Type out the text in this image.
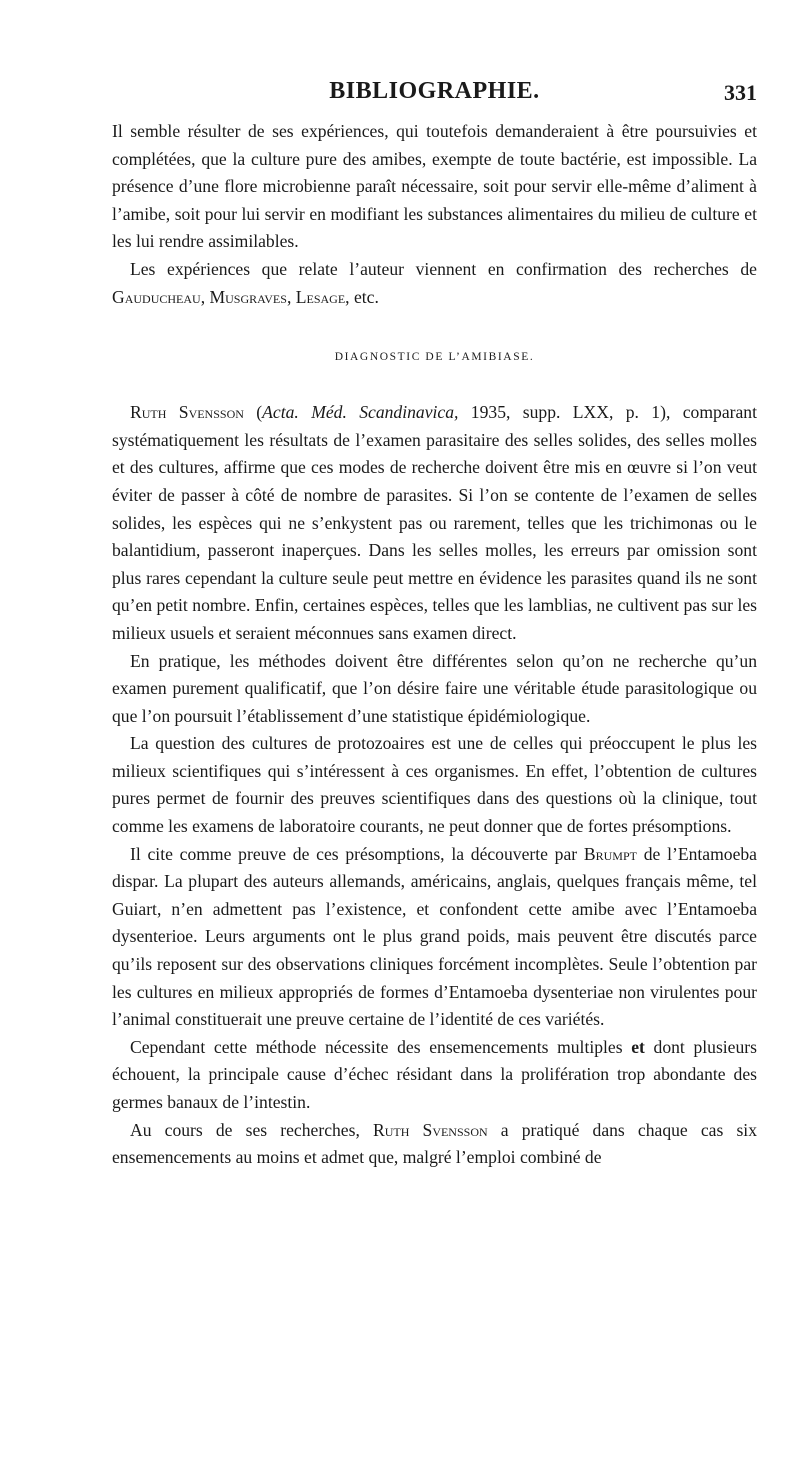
BIBLIOGRAPHIE.	331

Il semble résulter de ses expériences, qui toutefois demanderaient à être poursuivies et complétées, que la culture pure des amibes, exempte de toute bactérie, est impossible. La présence d’une flore microbienne paraît nécessaire, soit pour servir elle-même d’aliment à l’amibe, soit pour lui servir en modifiant les substances alimentaires du milieu de culture et les lui rendre assimilables.

Les expériences que relate l’auteur viennent en confirmation des recherches de Gauducheau, Musgraves, Lesage, etc.

DIAGNOSTIC DE L’AMIBIASE.

Ruth Svensson (Acta. Méd. Scandinavica, 1935, supp. LXX, p. 1), comparant systématiquement les résultats de l’examen parasitaire des selles solides, des selles molles et des cultures, affirme que ces modes de recherche doivent être mis en œuvre si l’on veut éviter de passer à côté de nombre de parasites. Si l’on se contente de l’examen de selles solides, les espèces qui ne s’enkystent pas ou rarement, telles que les trichimonas ou le balantidium, passeront inaperçues. Dans les selles molles, les erreurs par omission sont plus rares cependant la culture seule peut mettre en évidence les parasites quand ils ne sont qu’en petit nombre. Enfin, certaines espèces, telles que les lamblias, ne cultivent pas sur les milieux usuels et seraient méconnues sans examen direct.

En pratique, les méthodes doivent être différentes selon qu’on ne recherche qu’un examen purement qualificatif, que l’on désire faire une véritable étude parasitologique ou que l’on poursuit l’établissement d’une statistique épidémiologique.

La question des cultures de protozoaires est une de celles qui préoccupent le plus les milieux scientifiques qui s’intéressent à ces organismes. En effet, l’obtention de cultures pures permet de fournir des preuves scientifiques dans des questions où la clinique, tout comme les examens de laboratoire courants, ne peut donner que de fortes présomptions.

Il cite comme preuve de ces présomptions, la découverte par Brumpt de l’Entamoeba dispar. La plupart des auteurs allemands, américains, anglais, quelques français même, tel Guiart, n’en admettent pas l’existence, et confondent cette amibe avec l’Entamoeba dysenterioe. Leurs arguments ont le plus grand poids, mais peuvent être discutés parce qu’ils reposent sur des observations cliniques forcément incomplètes. Seule l’obtention par les cultures en milieux appropriés de formes d’Entamoeba dysenteriae non virulentes pour l’animal constituerait une preuve certaine de l’identité de ces variétés.

Cependant cette méthode nécessite des ensemencements multiples et dont plusieurs échouent, la principale cause d’échec résidant dans la prolifération trop abondante des germes banaux de l’intestin.

Au cours de ses recherches, Ruth Svensson a pratiqué dans chaque cas six ensemencements au moins et admet que, malgré l’emploi combiné de
